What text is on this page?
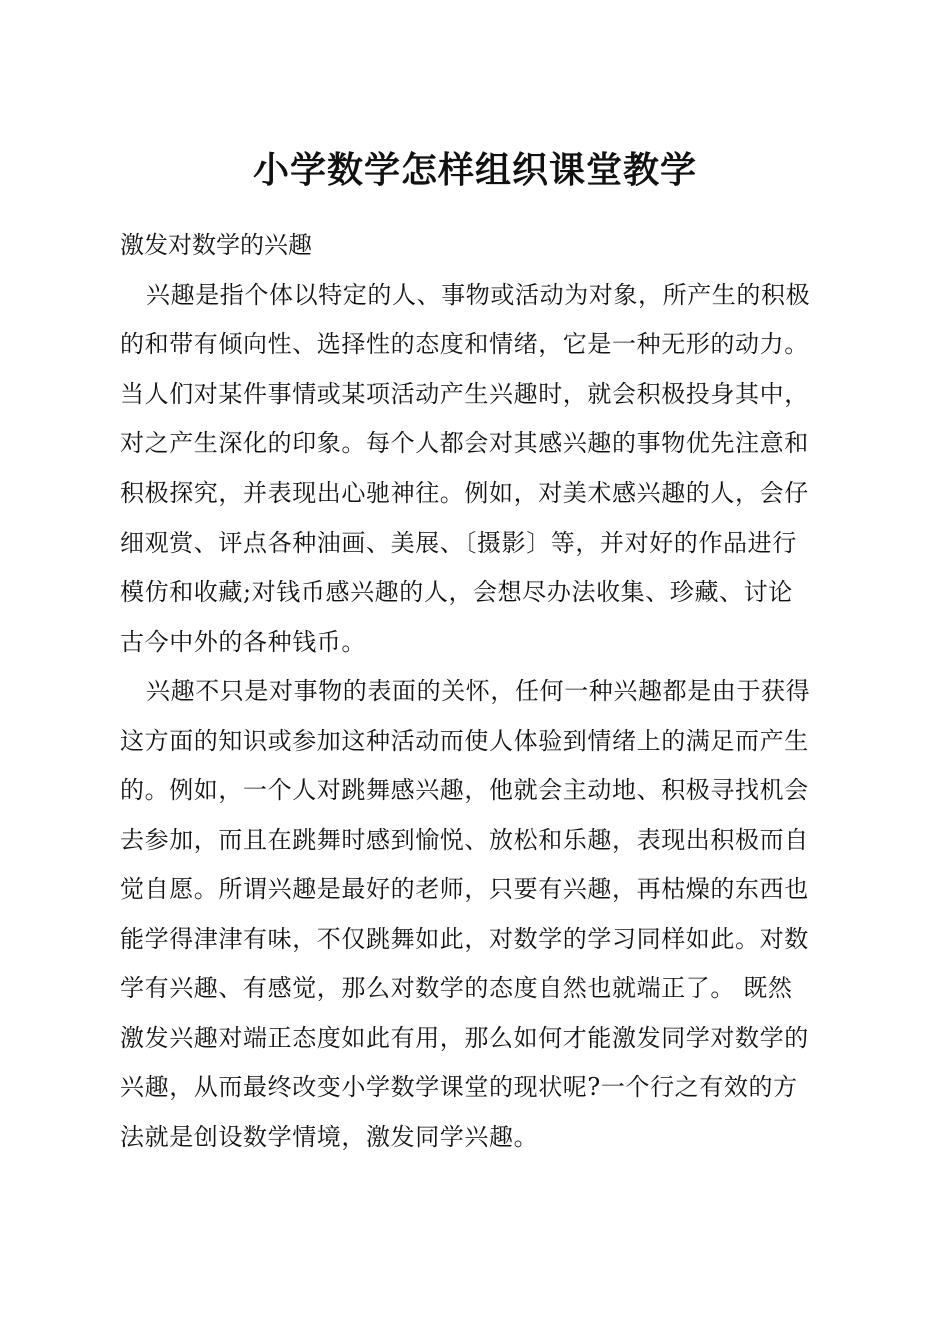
小学数学怎样组织课堂教学
激发对数学的兴趣
兴趣是指个体以特定的人、事物或活动为对象，所产生的积极
的和带有倾向性、选择性的态度和情绪，它是一种无形的动力。
当人们对某件事情或某项活动产生兴趣时，就会积极投身其中，
对之产生深化的印象。每个人都会对其感兴趣的事物优先注意和
积极探究，并表现出心驰神往。例如，对美术感兴趣的人，会仔
细观赏、评点各种油画、美展、〔摄影〕等，并对好的作品进行
模仿和收藏;对钱币感兴趣的人，会想尽办法收集、珍藏、讨论
古今中外的各种钱币。
兴趣不只是对事物的表面的关怀，任何一种兴趣都是由于获得
这方面的知识或参加这种活动而使人体验到情绪上的满足而产生
的。例如，一个人对跳舞感兴趣，他就会主动地、积极寻找机会
去参加，而且在跳舞时感到愉悦、放松和乐趣，表现出积极而自
觉自愿。所谓兴趣是最好的老师，只要有兴趣，再枯燥的东西也
能学得津津有味，不仅跳舞如此，对数学的学习同样如此。对数
学有兴趣、有感觉，那么对数学的态度自然也就端正了。 既然
激发兴趣对端正态度如此有用，那么如何才能激发同学对数学的
兴趣，从而最终改变小学数学课堂的现状呢?一个行之有效的方
法就是创设数学情境，激发同学兴趣。
